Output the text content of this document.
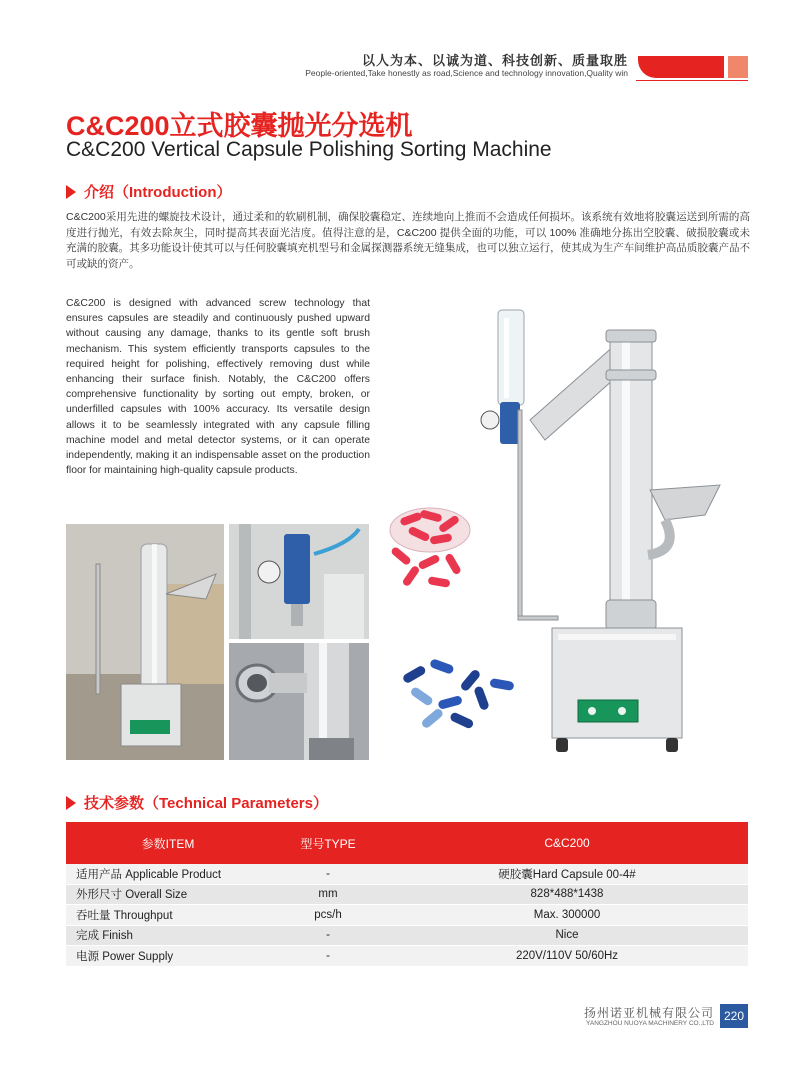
以人为本、以诚为道、科技创新、质量取胜
People-oriented,Take honestly as road,Science and technology innovation,Quality win
C&C200立式胶囊抛光分选机
C&C200 Vertical Capsule Polishing Sorting Machine
介绍（Introduction）
C&C200采用先进的螺旋技术设计，通过柔和的软刷机制，确保胶囊稳定、连续地向上推而不会造成任何损坏。该系统有效地将胶囊运送到所需的高度进行抛光，有效去除灰尘，同时提高其表面光洁度。值得注意的是，C&C200 提供全面的功能，可以 100% 准确地分拣出空胶囊、破损胶囊或未充满的胶囊。其多功能设计使其可以与任何胶囊填充机型号和金属探测器系统无缝集成，也可以独立运行，使其成为生产车间维护高品质胶囊产品不可或缺的资产。
C&C200 is designed with advanced screw technology that ensures capsules are steadily and continuously pushed upward without causing any damage, thanks to its gentle soft brush mechanism. This system efficiently transports capsules to the required height for polishing, effectively removing dust while enhancing their surface finish. Notably, the C&C200 offers comprehensive functionality by sorting out empty, broken, or underfilled capsules with 100% accuracy. Its versatile design allows it to be seamlessly integrated with any capsule filling machine model and metal detector systems, or it can operate independently, making it an indispensable asset on the production floor for maintaining high-quality capsule products.
技术参数（Technical Parameters）
参数ITEM	型号TYPE	C&C200
适用产品 Applicable Product	-	硬胶囊Hard Capsule 00-4#
外形尺寸 Overall Size	mm	828*488*1438
吞吐量 Throughput	pcs/h	Max. 300000
完成 Finish	-	Nice
电源 Power Supply	-	220V/110V 50/60Hz
扬州诺亚机械有限公司
YANGZHOU NUOYA MACHINERY CO.,LTD
220
